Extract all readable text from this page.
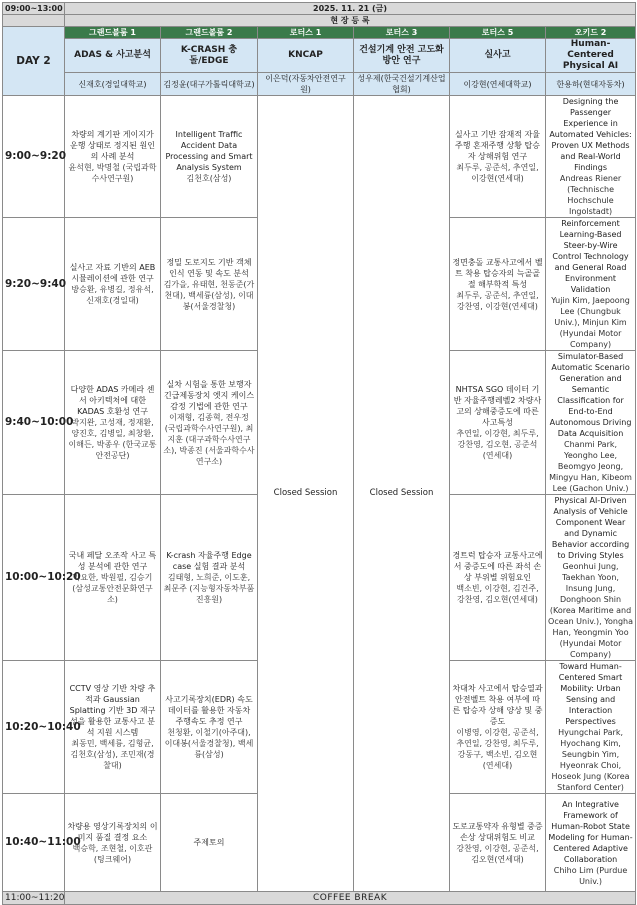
09:00~13:00	2025. 11. 21 (금)					
	현 장 등 록					
DAY 2	그랜드볼룸 1	그랜드볼룸 2	로터스 1	로터스 3	로터스 5	오키드 2
	ADAS & 사고분석	K-CRASH 충돌/EDGE	KNCAP	건설기계 안전 고도화 방안 연구	실사고	Human-Centered Physical AI
	신재호(경일대학교)	김정윤(대구가톨릭대학교)	이은덕(자동차안전연구원)	성우제(한국건설기계산업협회)	이강현(연세대학교)	한용하(현대자동차)
9:00~9:20	차량의 계기판 게이지가 운행 상태로 정지된 원인의 사례 분석
윤석현, 박명철 (국립과학수사연구원)	Intelligent Traffic Accident Data Processing and Smart Analysis System
김천호(삼성)	Closed Session	Closed Session	실사고 기반 잠재적 자율주행 혼재주행 상황 탑승자 상해위험 연구
최두루, 공준석, 추연일, 이강현(연세대)	Designing the Passenger Experience in Automated Vehicles: Proven UX Methods and Real-World Findings
Andreas Riener (Technische Hochschule Ingolstadt)

9:20~9:40	실사고 자료 기반의 AEB 시뮬레이션에 관한 연구
방승환, 유병길, 정유석, 신재호(경일대)	정밀 도로지도 기반 객체인식 연동 및 속도 분석
김가을, 유태현, 천동준(가천대), 백세륭(삼성), 이대봉(서울경찰청)			정면충돌 교통사고에서 벨트 착용 탑승자의 늑골골절 해부학적 특성
최두루, 공준석, 추연일, 강찬영, 이강현(연세대)	Reinforcement Learning-Based Steer-by-Wire Control Technology and General Road Environment Validation
Yujin Kim, Jaepoong Lee (Chungbuk Univ.), Minjun Kim (Hyundai Motor Company)

9:40~10:00	다양한 ADAS 카메라 센서 아키텍처에 대한 KADAS 호환성 연구
박지완, 고성재, 정재환, 양진호, 김병일, 최창환, 이해든, 박종우 (한국교통안전공단)	실차 시험을 통한 보행자 긴급제동장치 엣지 케이스 감정 기법에 관한 연구
이재형, 김종혁, 전우정 (국립과학수사연구원), 최지훈 (대구과학수사연구소), 박종진 (서울과학수사연구소)			NHTSA SGO 데이터 기반 자율주행레벨2 차량사고의 상해중증도에 따른 사고특성
추연일, 이강현, 최두루, 강찬영, 김오현, 공준석 (연세대)	Simulator-Based Automatic Scenario Generation and Semantic Classification for End-to-End Autonomous Driving Data Acquisition
Chanmi Park, Yeongho Lee, Beomgyo Jeong, Mingyu Han, Kibeom Lee (Gachon Univ.)

10:00~10:20	국내 페달 오조작 사고 특성 분석에 관한 연구
박요한, 박원필, 김승기 (삼성교통안전문화연구소)	K-crash 자율주행 Edge case 실험 결과 분석
김태형, 노희준, 이도훈, 최문주 (지능형자동차부품진흥원)			경트럭 탑승자 교통사고에서 중증도에 따른 좌석 손상 부위별 위험요인
백소빈, 이강현, 김건주, 강찬영, 김오현(연세대)	Physical AI-Driven Analysis of Vehicle Component Wear and Dynamic Behavior according to Driving Styles
Geonhui Jung, Taekhan Yoon, Insung Jung, Donghoon Shin (Korea Maritime and Ocean Univ.), Yongha Han, Yeongmin Yoo (Hyundai Motor Company)

10:20~10:40	CCTV 영상 기반 차량 추적과 Gaussian Splatting 기반 3D 재구성을 활용한 교통사고 분석 지원 시스템
최동민, 백세륭, 김형균, 김천호(삼성), 조민재(경찰대)	사고기록장치(EDR) 속도 데이터를 활용한 자동차 주행속도 추정 연구
천청환, 이철기(아주대), 이대봉(서울경찰청), 백세륭(삼성)			차대차 사고에서 탑승열과 안전벨트 착용 여부에 따른 탑승자 상해 양상 및 중증도
이병영, 이강현, 공준석, 추연일, 강찬영, 최두루, 강동구, 백소빈, 김오현 (연세대)	Toward Human-Centered Smart Mobility: Urban Sensing and Interaction Perspectives
Hyungchai Park, Hyochang Kim, Seungbin Yim, Hyeonrak Choi, Hoseok Jung (Korea Stanford Center)

10:40~11:00	차량용 영상기록장치의 이미지 품질 결정 요소
백승학, 조현철, 이호관 (팅크웨어)	주제토의			도로교통약자 유형별 중증손상 상대위험도 비교
강찬영, 이강현, 공준석, 김오현(연세대)	An Integrative Framework of Human-Robot State Modeling for Human-Centered Adaptive Collaboration
Chiho Lim (Purdue Univ.)

11:00~11:20	COFFEE BREAK					
